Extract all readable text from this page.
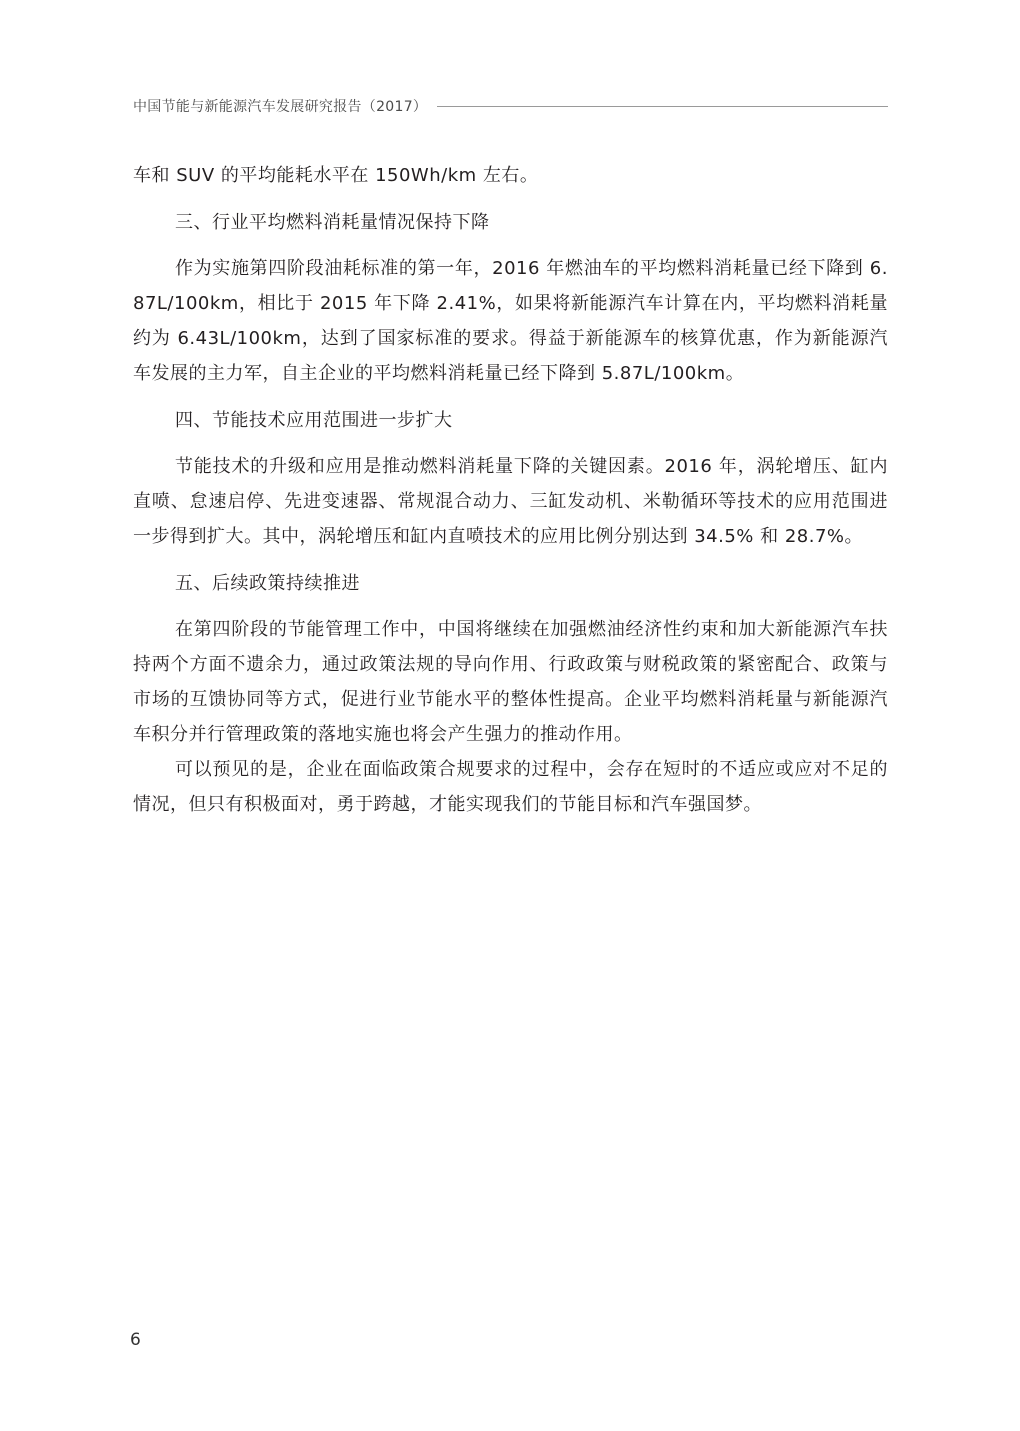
中国节能与新能源汽车发展研究报告（2017）

车和 SUV 的平均能耗水平在 150Wh/km 左右。

三、行业平均燃料消耗量情况保持下降

作为实施第四阶段油耗标准的第一年，2016 年燃油车的平均燃料消耗量已经下降到 6.87L/100km，相比于 2015 年下降 2.41%，如果将新能源汽车计算在内，平均燃料消耗量约为 6.43L/100km，达到了国家标准的要求。得益于新能源车的核算优惠，作为新能源汽车发展的主力军，自主企业的平均燃料消耗量已经下降到 5.87L/100km。

四、节能技术应用范围进一步扩大

节能技术的升级和应用是推动燃料消耗量下降的关键因素。2016 年，涡轮增压、缸内直喷、怠速启停、先进变速器、常规混合动力、三缸发动机、米勒循环等技术的应用范围进一步得到扩大。其中，涡轮增压和缸内直喷技术的应用比例分别达到 34.5% 和 28.7%。

五、后续政策持续推进

在第四阶段的节能管理工作中，中国将继续在加强燃油经济性约束和加大新能源汽车扶持两个方面不遗余力，通过政策法规的导向作用、行政政策与财税政策的紧密配合、政策与市场的互馈协同等方式，促进行业节能水平的整体性提高。企业平均燃料消耗量与新能源汽车积分并行管理政策的落地实施也将会产生强力的推动作用。

可以预见的是，企业在面临政策合规要求的过程中，会存在短时的不适应或应对不足的情况，但只有积极面对，勇于跨越，才能实现我们的节能目标和汽车强国梦。

6
